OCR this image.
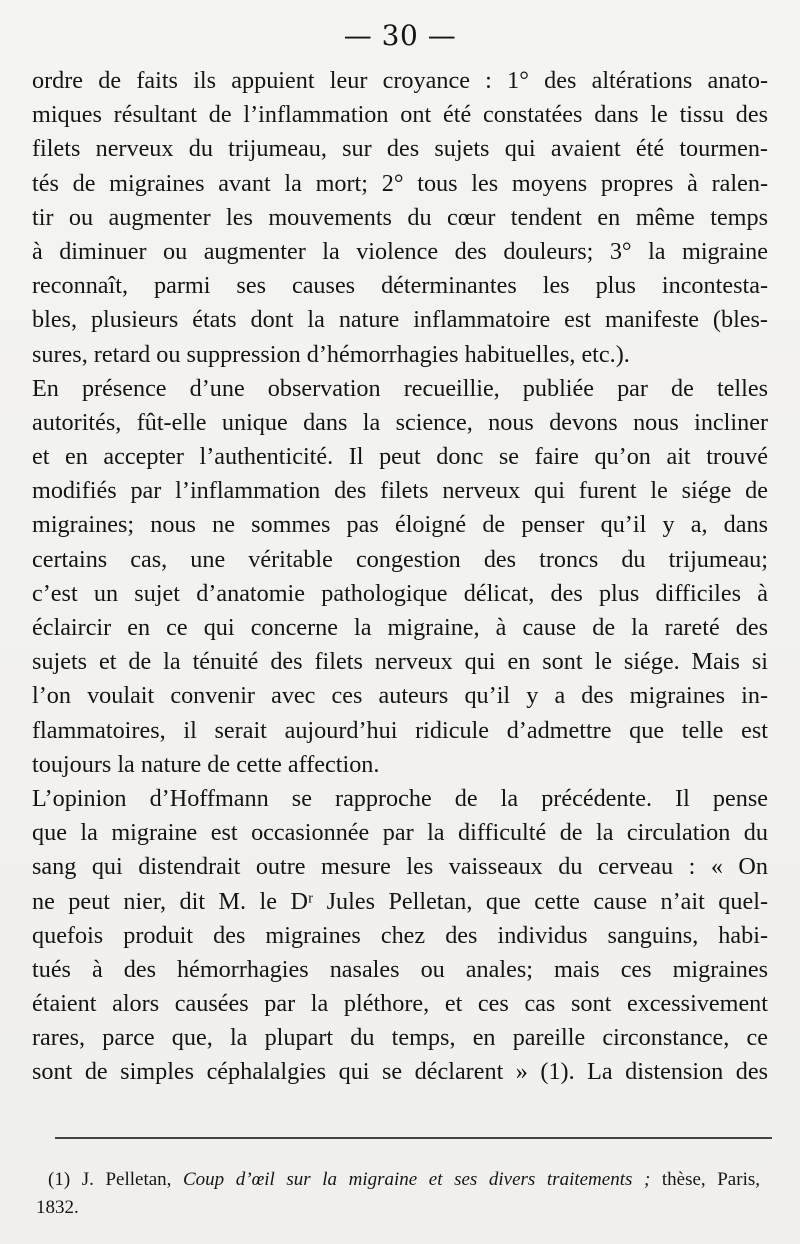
— 30 —
ordre de faits ils appuient leur croyance : 1° des altérations anato-
miques résultant de l’inflammation ont été constatées dans le tissu des
filets nerveux du trijumeau, sur des sujets qui avaient été tourmen-
tés de migraines avant la mort; 2° tous les moyens propres à ralen-
tir ou augmenter les mouvements du cœur tendent en même temps
à diminuer ou augmenter la violence des douleurs; 3° la migraine
reconnaît, parmi ses causes déterminantes les plus incontesta-
bles, plusieurs états dont la nature inflammatoire est manifeste (bles-
sures, retard ou suppression d’hémorrhagies habituelles, etc.).
En présence d’une observation recueillie, publiée par de telles
autorités, fût-elle unique dans la science, nous devons nous incliner
et en accepter l’authenticité. Il peut donc se faire qu’on ait trouvé
modifiés par l’inflammation des filets nerveux qui furent le siége de
migraines; nous ne sommes pas éloigné de penser qu’il y a, dans
certains cas, une véritable congestion des troncs du trijumeau;
c’est un sujet d’anatomie pathologique délicat, des plus difficiles à
éclaircir en ce qui concerne la migraine, à cause de la rareté des
sujets et de la ténuité des filets nerveux qui en sont le siége. Mais si
l’on voulait convenir avec ces auteurs qu’il y a des migraines in-
flammatoires, il serait aujourd’hui ridicule d’admettre que telle est
toujours la nature de cette affection.
L’opinion d’Hoffmann se rapproche de la précédente. Il pense
que la migraine est occasionnée par la difficulté de la circulation du
sang qui distendrait outre mesure les vaisseaux du cerveau : « On
ne peut nier, dit M. le Dʳ Jules Pelletan, que cette cause n’ait quel-
quefois produit des migraines chez des individus sanguins, habi-
tués à des hémorrhagies nasales ou anales; mais ces migraines
étaient alors causées par la pléthore, et ces cas sont excessivement
rares, parce que, la plupart du temps, en pareille circonstance, ce
sont de simples céphalalgies qui se déclarent » (1). La distension des
(1) J. Pelletan, Coup d’œil sur la migraine et ses divers traitements ; thèse, Paris,
1832.
